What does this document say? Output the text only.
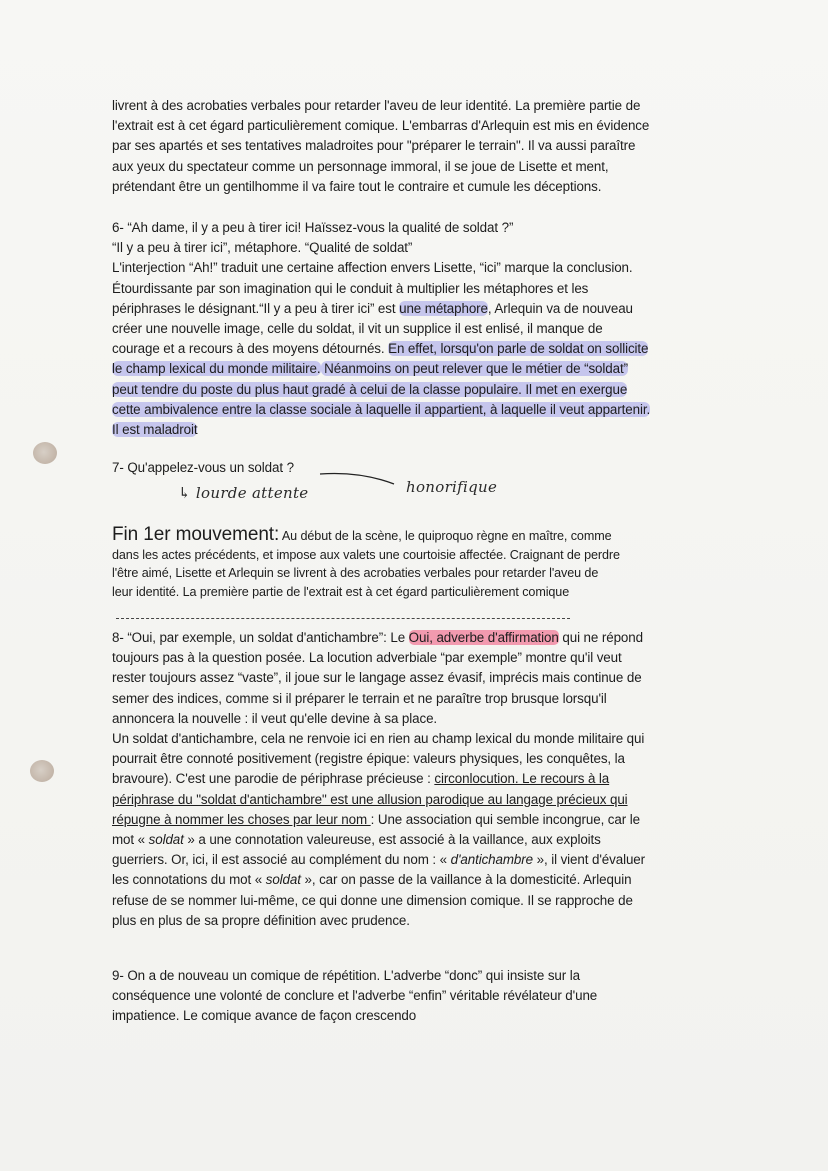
livrent à des acrobaties verbales pour retarder l'aveu de leur identité. La première partie de

l'extrait est à cet égard particulièrement comique. L'embarras d'Arlequin est mis en évidence

par ses apartés et ses tentatives maladroites pour "préparer le terrain". Il va aussi paraître

aux yeux du spectateur comme un personnage immoral, il se joue de Lisette et ment,

prétendant être un gentilhomme il va faire tout le contraire et cumule les déceptions.

6- “Ah dame, il y a peu à tirer ici! Haïssez-vous la qualité de soldat ?”

“Il y a peu à tirer ici”, métaphore. “Qualité de soldat”

L'interjection “Ah!” traduit une certaine affection envers Lisette, “ici” marque la conclusion.

Étourdissante par son imagination qui le conduit à multiplier les métaphores et les

périphrases le désignant.“Il y a peu à tirer ici” est une métaphore, Arlequin va de nouveau

créer une nouvelle image, celle du soldat, il vit un supplice il est enlisé, il manque de

courage et a recours à des moyens détournés. En effet, lorsqu'on parle de soldat on sollicite

le champ lexical du monde militaire. Néanmoins on peut relever que le métier de “soldat”

peut tendre du poste du plus haut gradé à celui de la classe populaire. Il met en exergue

cette ambivalence entre la classe sociale à laquelle il appartient, à laquelle il veut appartenir.

Il est maladroit

7- Qu'appelez-vous un soldat ?

↳ lourde attente	honorifique

Fin 1er mouvement: Au début de la scène, le quiproquo règne en maître, comme

dans les actes précédents, et impose aux valets une courtoisie affectée. Craignant de perdre

l'être aimé, Lisette et Arlequin se livrent à des acrobaties verbales pour retarder l'aveu de

leur identité. La première partie de l'extrait est à cet égard particulièrement comique

8- “Oui, par exemple, un soldat d'antichambre”: Le Oui, adverbe d'affirmation qui ne répond

toujours pas à la question posée. La locution adverbiale “par exemple” montre qu'il veut

rester toujours assez “vaste”, il joue sur le langage assez évasif, imprécis mais continue de

semer des indices, comme si il préparer le terrain et ne paraître trop brusque lorsqu'il

annoncera la nouvelle : il veut qu'elle devine à sa place.

Un soldat d'antichambre, cela ne renvoie ici en rien au champ lexical du monde militaire qui

pourrait être connoté positivement (registre épique: valeurs physiques, les conquêtes, la

bravoure). C'est une parodie de périphrase précieuse : circonlocution. Le recours à la

périphrase du "soldat d'antichambre" est une allusion parodique au langage précieux qui

répugne à nommer les choses par leur nom : Une association qui semble incongrue, car le

mot « soldat » a une connotation valeureuse, est associé à la vaillance, aux exploits

guerriers. Or, ici, il est associé au complément du nom : « d'antichambre », il vient d'évaluer

les connotations du mot « soldat », car on passe de la vaillance à la domesticité. Arlequin

refuse de se nommer lui-même, ce qui donne une dimension comique. Il se rapproche de

plus en plus de sa propre définition avec prudence.

9- On a de nouveau un comique de répétition. L'adverbe “donc” qui insiste sur la

conséquence une volonté de conclure et l'adverbe “enfin” véritable révélateur d'une

impatience. Le comique avance de façon crescendo
